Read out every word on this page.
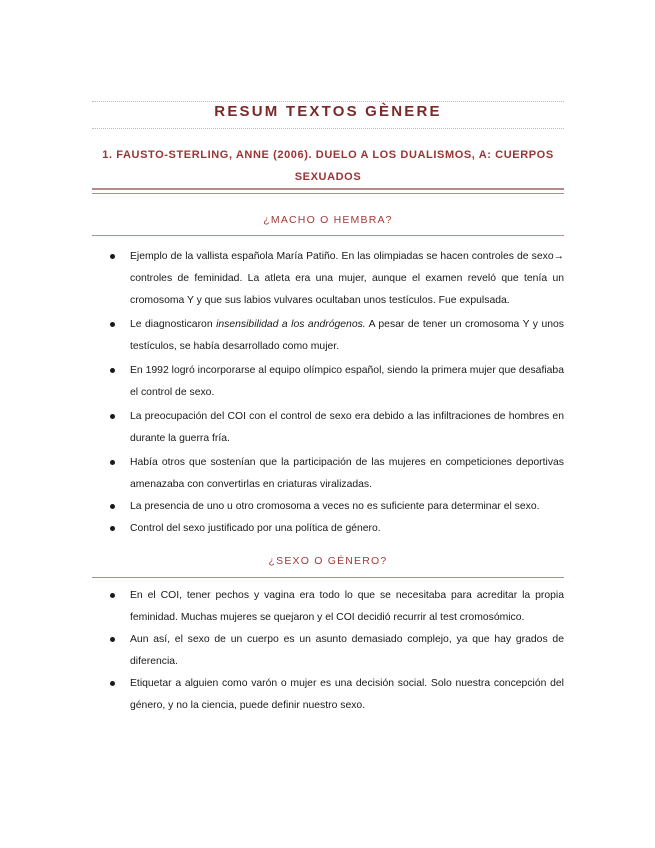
RESUM TEXTOS GÈNERE
1. FAUSTO-STERLING, ANNE (2006). DUELO A LOS DUALISMOS, A: CUERPOS SEXUADOS
¿MACHO O HEMBRA?
Ejemplo de la vallista española María Patiño. En las olimpiadas se hacen controles de sexo→ controles de feminidad. La atleta era una mujer, aunque el examen reveló que tenía un cromosoma Y y que sus labios vulvares ocultaban unos testículos. Fue expulsada.
Le diagnosticaron insensibilidad a los andrógenos. A pesar de tener un cromosoma Y y unos testículos, se había desarrollado como mujer.
En 1992 logró incorporarse al equipo olímpico español, siendo la primera mujer que desafiaba el control de sexo.
La preocupación del COI con el control de sexo era debido a las infiltraciones de hombres en durante la guerra fría.
Había otros que sostenían que la participación de las mujeres en competiciones deportivas amenazaba con convertirlas en criaturas viralizadas.
La presencia de uno u otro cromosoma a veces no es suficiente para determinar el sexo.
Control del sexo justificado por una política de género.
¿SEXO O GÉNERO?
En el COI, tener pechos y vagina era todo lo que se necesitaba para acreditar la propia feminidad. Muchas mujeres se quejaron y el COI decidió recurrir al test cromosómico.
Aun así, el sexo de un cuerpo es un asunto demasiado complejo, ya que hay grados de diferencia.
Etiquetar a alguien como varón o mujer es una decisión social. Solo nuestra concepción del género, y no la ciencia, puede definir nuestro sexo.
